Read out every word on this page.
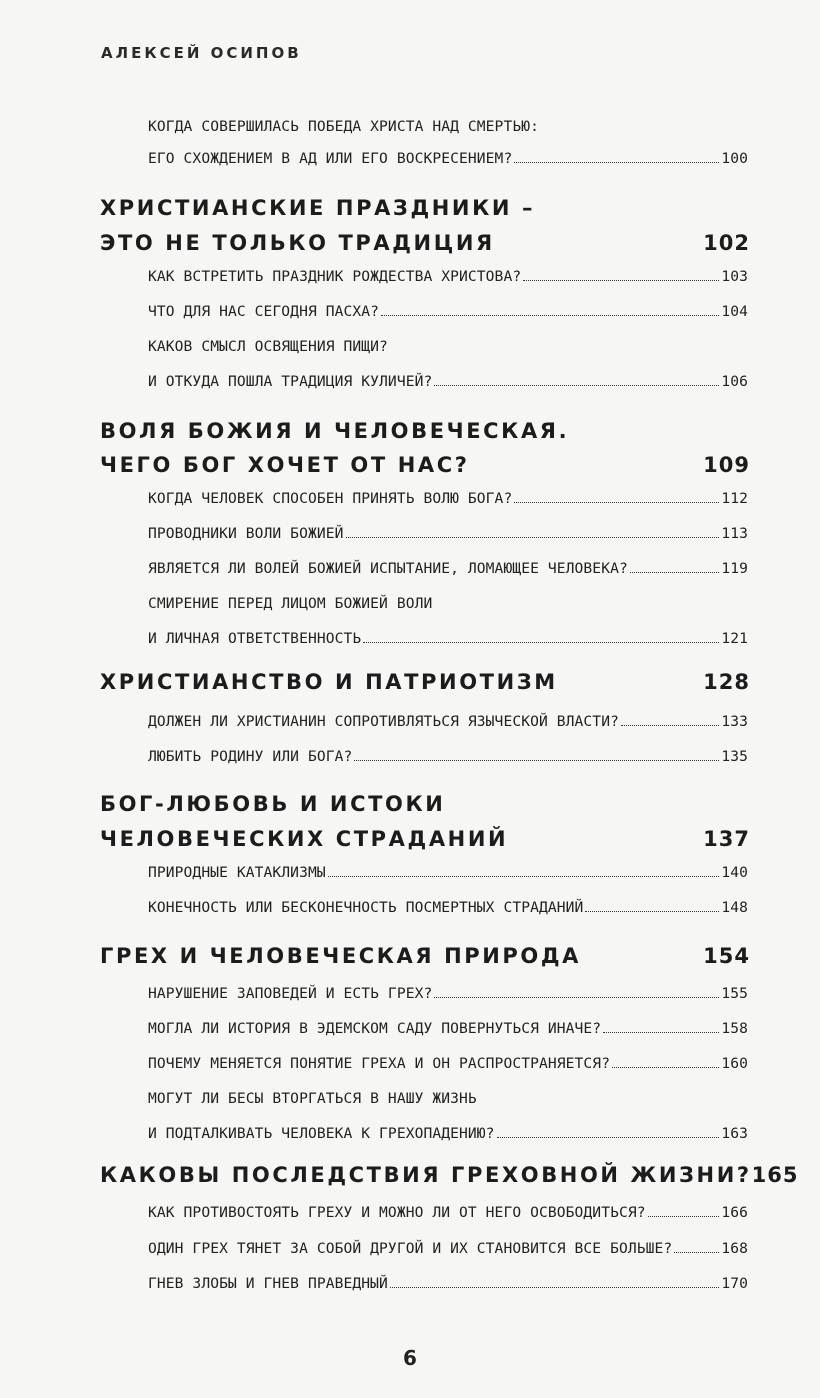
АЛЕКСЕЙ ОСИПОВ
КОГДА СОВЕРШИЛАСЬ ПОБЕДА ХРИСТА НАД СМЕРТЬЮ:
ЕГО СХОЖДЕНИЕМ В АД ИЛИ ЕГО ВОСКРЕСЕНИЕМ?	100
ХРИСТИАНСКИЕ ПРАЗДНИКИ –
ЭТО НЕ ТОЛЬКО ТРАДИЦИЯ	102
КАК ВСТРЕТИТЬ ПРАЗДНИК РОЖДЕСТВА ХРИСТОВА?	103
ЧТО ДЛЯ НАС СЕГОДНЯ ПАСХА?	104
КАКОВ СМЫСЛ ОСВЯЩЕНИЯ ПИЩИ?
И ОТКУДА ПОШЛА ТРАДИЦИЯ КУЛИЧЕЙ?	106
ВОЛЯ БОЖИЯ И ЧЕЛОВЕЧЕСКАЯ.
ЧЕГО БОГ ХОЧЕТ ОТ НАС?	109
КОГДА ЧЕЛОВЕК СПОСОБЕН ПРИНЯТЬ ВОЛЮ БОГА?	112
ПРОВОДНИКИ ВОЛИ БОЖИЕЙ	113
ЯВЛЯЕТСЯ ЛИ ВОЛЕЙ БОЖИЕЙ ИСПЫТАНИЕ, ЛОМАЮЩЕЕ ЧЕЛОВЕКА?	119
СМИРЕНИЕ ПЕРЕД ЛИЦОМ БОЖИЕЙ ВОЛИ
И ЛИЧНАЯ ОТВЕТСТВЕННОСТЬ	121
ХРИСТИАНСТВО И ПАТРИОТИЗМ	128
ДОЛЖЕН ЛИ ХРИСТИАНИН СОПРОТИВЛЯТЬСЯ ЯЗЫЧЕСКОЙ ВЛАСТИ?	133
ЛЮБИТЬ РОДИНУ ИЛИ БОГА?	135
БОГ-ЛЮБОВЬ И ИСТОКИ
ЧЕЛОВЕЧЕСКИХ СТРАДАНИЙ	137
ПРИРОДНЫЕ КАТАКЛИЗМЫ	140
КОНЕЧНОСТЬ ИЛИ БЕСКОНЕЧНОСТЬ ПОСМЕРТНЫХ СТРАДАНИЙ	148
ГРЕХ И ЧЕЛОВЕЧЕСКАЯ ПРИРОДА	154
НАРУШЕНИЕ ЗАПОВЕДЕЙ И ЕСТЬ ГРЕХ?	155
МОГЛА ЛИ ИСТОРИЯ В ЭДЕМСКОМ САДУ ПОВЕРНУТЬСЯ ИНАЧЕ?	158
ПОЧЕМУ МЕНЯЕТСЯ ПОНЯТИЕ ГРЕХА И ОН РАСПРОСТРАНЯЕТСЯ?	160
МОГУТ ЛИ БЕСЫ ВТОРГАТЬСЯ В НАШУ ЖИЗНЬ
И ПОДТАЛКИВАТЬ ЧЕЛОВЕКА К ГРЕХОПАДЕНИЮ?	163
КАКОВЫ ПОСЛЕДСТВИЯ ГРЕХОВНОЙ ЖИЗНИ? 165
КАК ПРОТИВОСТОЯТЬ ГРЕХУ И МОЖНО ЛИ ОТ НЕГО ОСВОБОДИТЬСЯ?	166
ОДИН ГРЕХ ТЯНЕТ ЗА СОБОЙ ДРУГОЙ И ИХ СТАНОВИТСЯ ВСЕ БОЛЬШЕ?	168
ГНЕВ ЗЛОБЫ И ГНЕВ ПРАВЕДНЫЙ	170
6
